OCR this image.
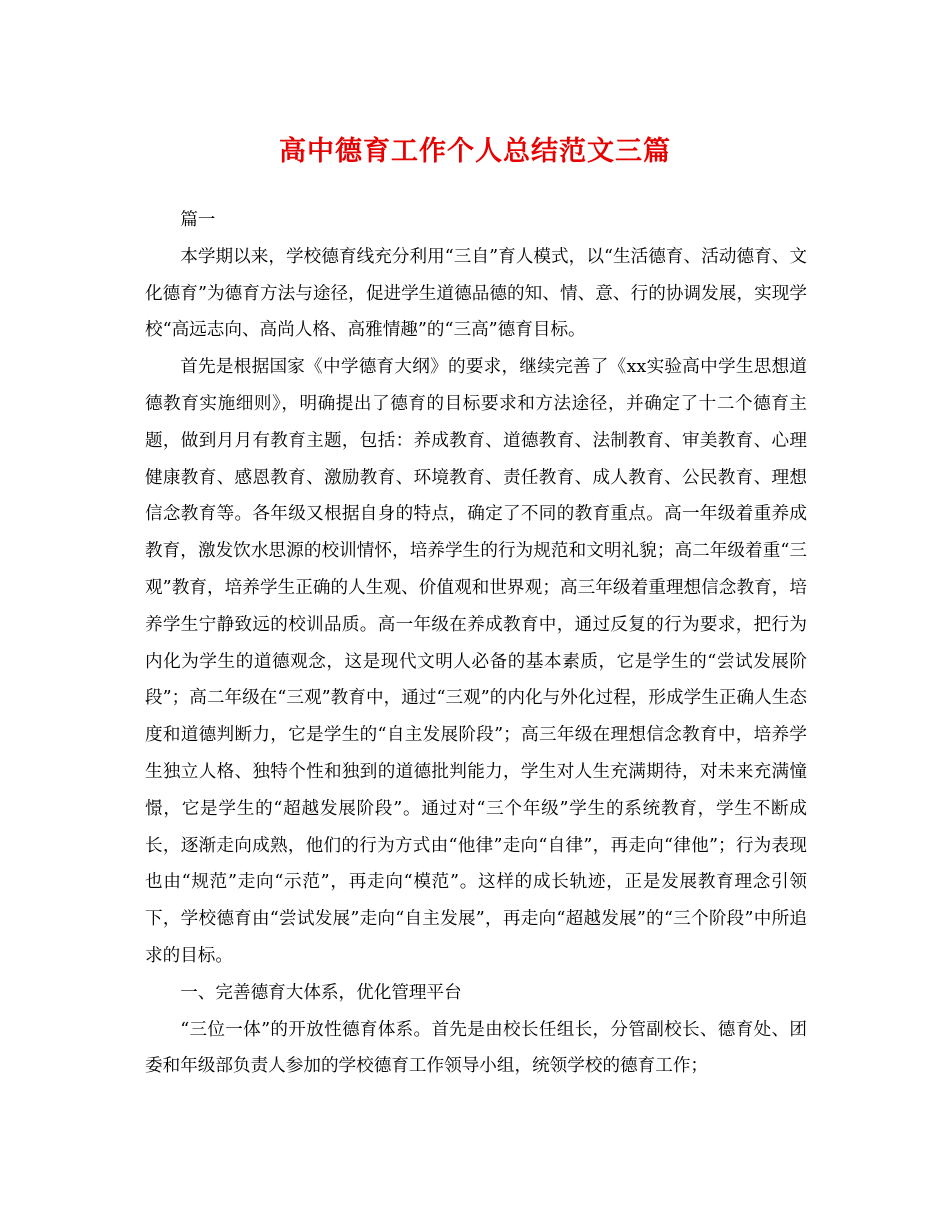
高中德育工作个人总结范文三篇

篇一

本学期以来，学校德育线充分利用“三自”育人模式，以“生活德育、活动德育、文化德育”为德育方法与途径，促进学生道德品德的知、情、意、行的协调发展，实现学校“高远志向、高尚人格、高雅情趣”的“三高”德育目标。

首先是根据国家《中学德育大纲》的要求，继续完善了《xx实验高中学生思想道德教育实施细则》，明确提出了德育的目标要求和方法途径，并确定了十二个德育主题，做到月月有教育主题，包括：养成教育、道德教育、法制教育、审美教育、心理健康教育、感恩教育、激励教育、环境教育、责任教育、成人教育、公民教育、理想信念教育等。各年级又根据自身的特点，确定了不同的教育重点。高一年级着重养成教育，激发饮水思源的校训情怀，培养学生的行为规范和文明礼貌；高二年级着重“三观”教育，培养学生正确的人生观、价值观和世界观；高三年级着重理想信念教育，培养学生宁静致远的校训品质。高一年级在养成教育中，通过反复的行为要求，把行为内化为学生的道德观念，这是现代文明人必备的基本素质，它是学生的“尝试发展阶段”；高二年级在“三观”教育中，通过“三观”的内化与外化过程，形成学生正确人生态度和道德判断力，它是学生的“自主发展阶段”；高三年级在理想信念教育中，培养学生独立人格、独特个性和独到的道德批判能力，学生对人生充满期待，对未来充满憧憬，它是学生的“超越发展阶段”。通过对“三个年级”学生的系统教育，学生不断成长，逐渐走向成熟，他们的行为方式由“他律”走向“自律”，再走向“律他”；行为表现也由“规范”走向“示范”，再走向“模范”。这样的成长轨迹，正是发展教育理念引领下，学校德育由“尝试发展”走向“自主发展”，再走向“超越发展”的“三个阶段”中所追求的目标。

一、完善德育大体系，优化管理平台

“三位一体”的开放性德育体系。首先是由校长任组长，分管副校长、德育处、团委和年级部负责人参加的学校德育工作领导小组，统领学校的德育工作；
